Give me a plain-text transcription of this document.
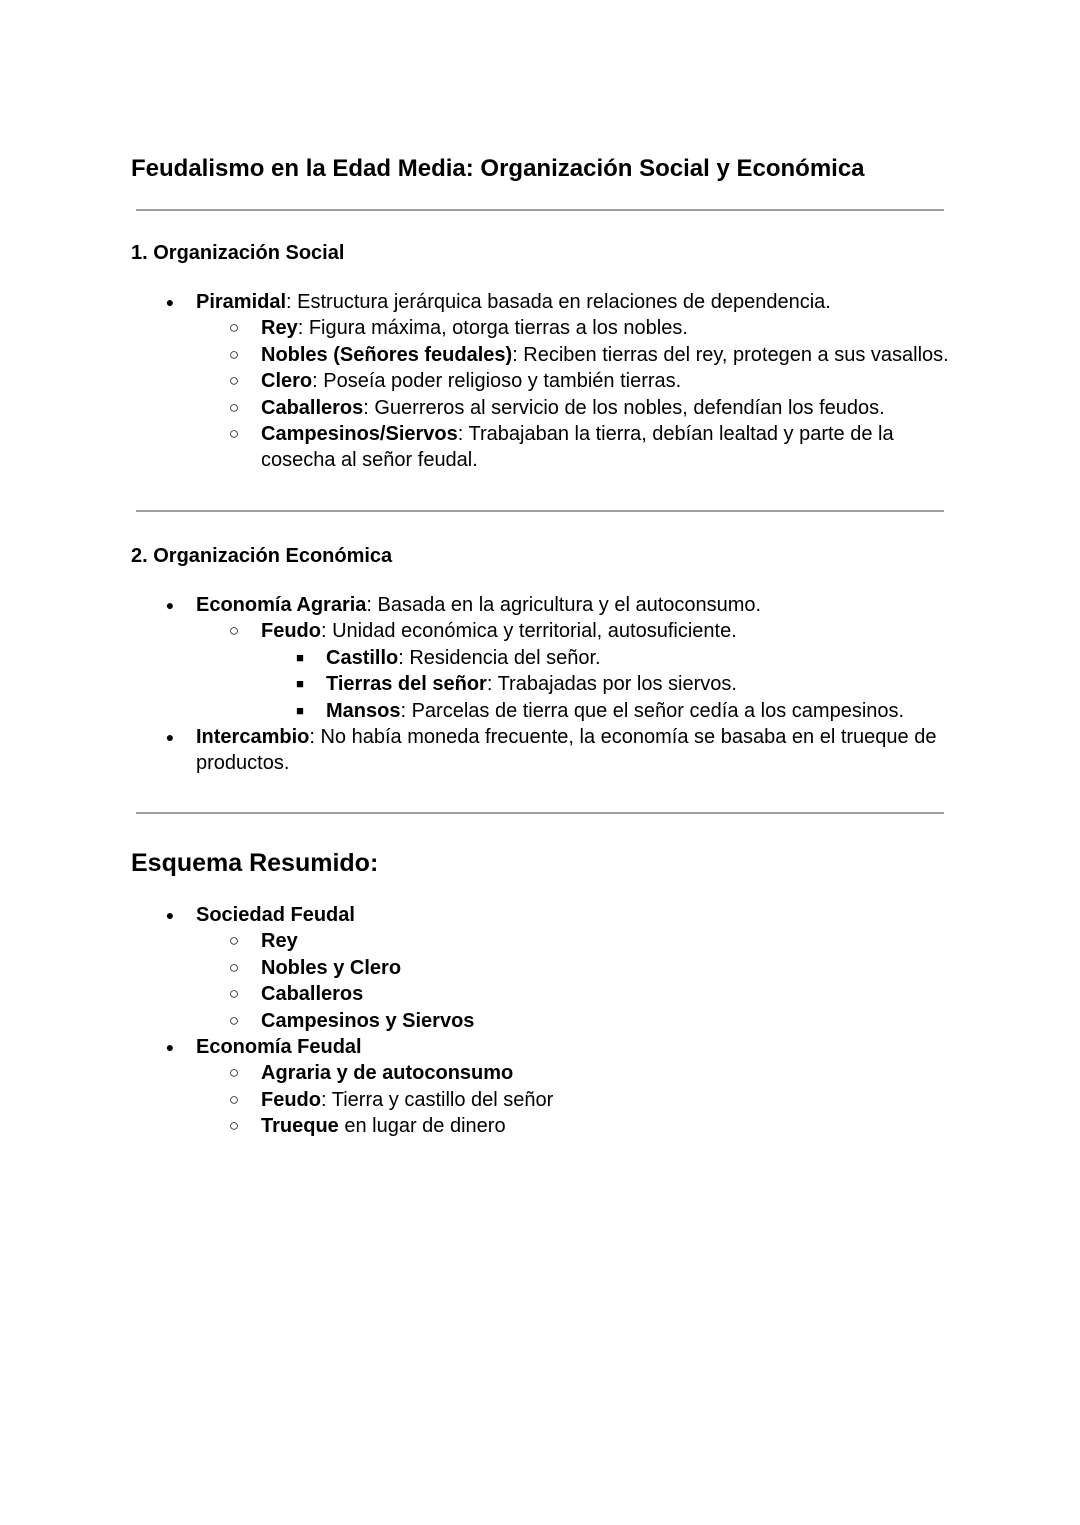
Feudalismo en la Edad Media: Organización Social y Económica
1. Organización Social
● Piramidal: Estructura jerárquica basada en relaciones de dependencia.
○ Rey: Figura máxima, otorga tierras a los nobles.
○ Nobles (Señores feudales): Reciben tierras del rey, protegen a sus vasallos.
○ Clero: Poseía poder religioso y también tierras.
○ Caballeros: Guerreros al servicio de los nobles, defendían los feudos.
○ Campesinos/Siervos: Trabajaban la tierra, debían lealtad y parte de la cosecha al señor feudal.
2. Organización Económica
● Economía Agraria: Basada en la agricultura y el autoconsumo.
○ Feudo: Unidad económica y territorial, autosuficiente.
■ Castillo: Residencia del señor.
■ Tierras del señor: Trabajadas por los siervos.
■ Mansos: Parcelas de tierra que el señor cedía a los campesinos.
● Intercambio: No había moneda frecuente, la economía se basaba en el trueque de productos.
Esquema Resumido:
● Sociedad Feudal
○ Rey
○ Nobles y Clero
○ Caballeros
○ Campesinos y Siervos
● Economía Feudal
○ Agraria y de autoconsumo
○ Feudo: Tierra y castillo del señor
○ Trueque en lugar de dinero
